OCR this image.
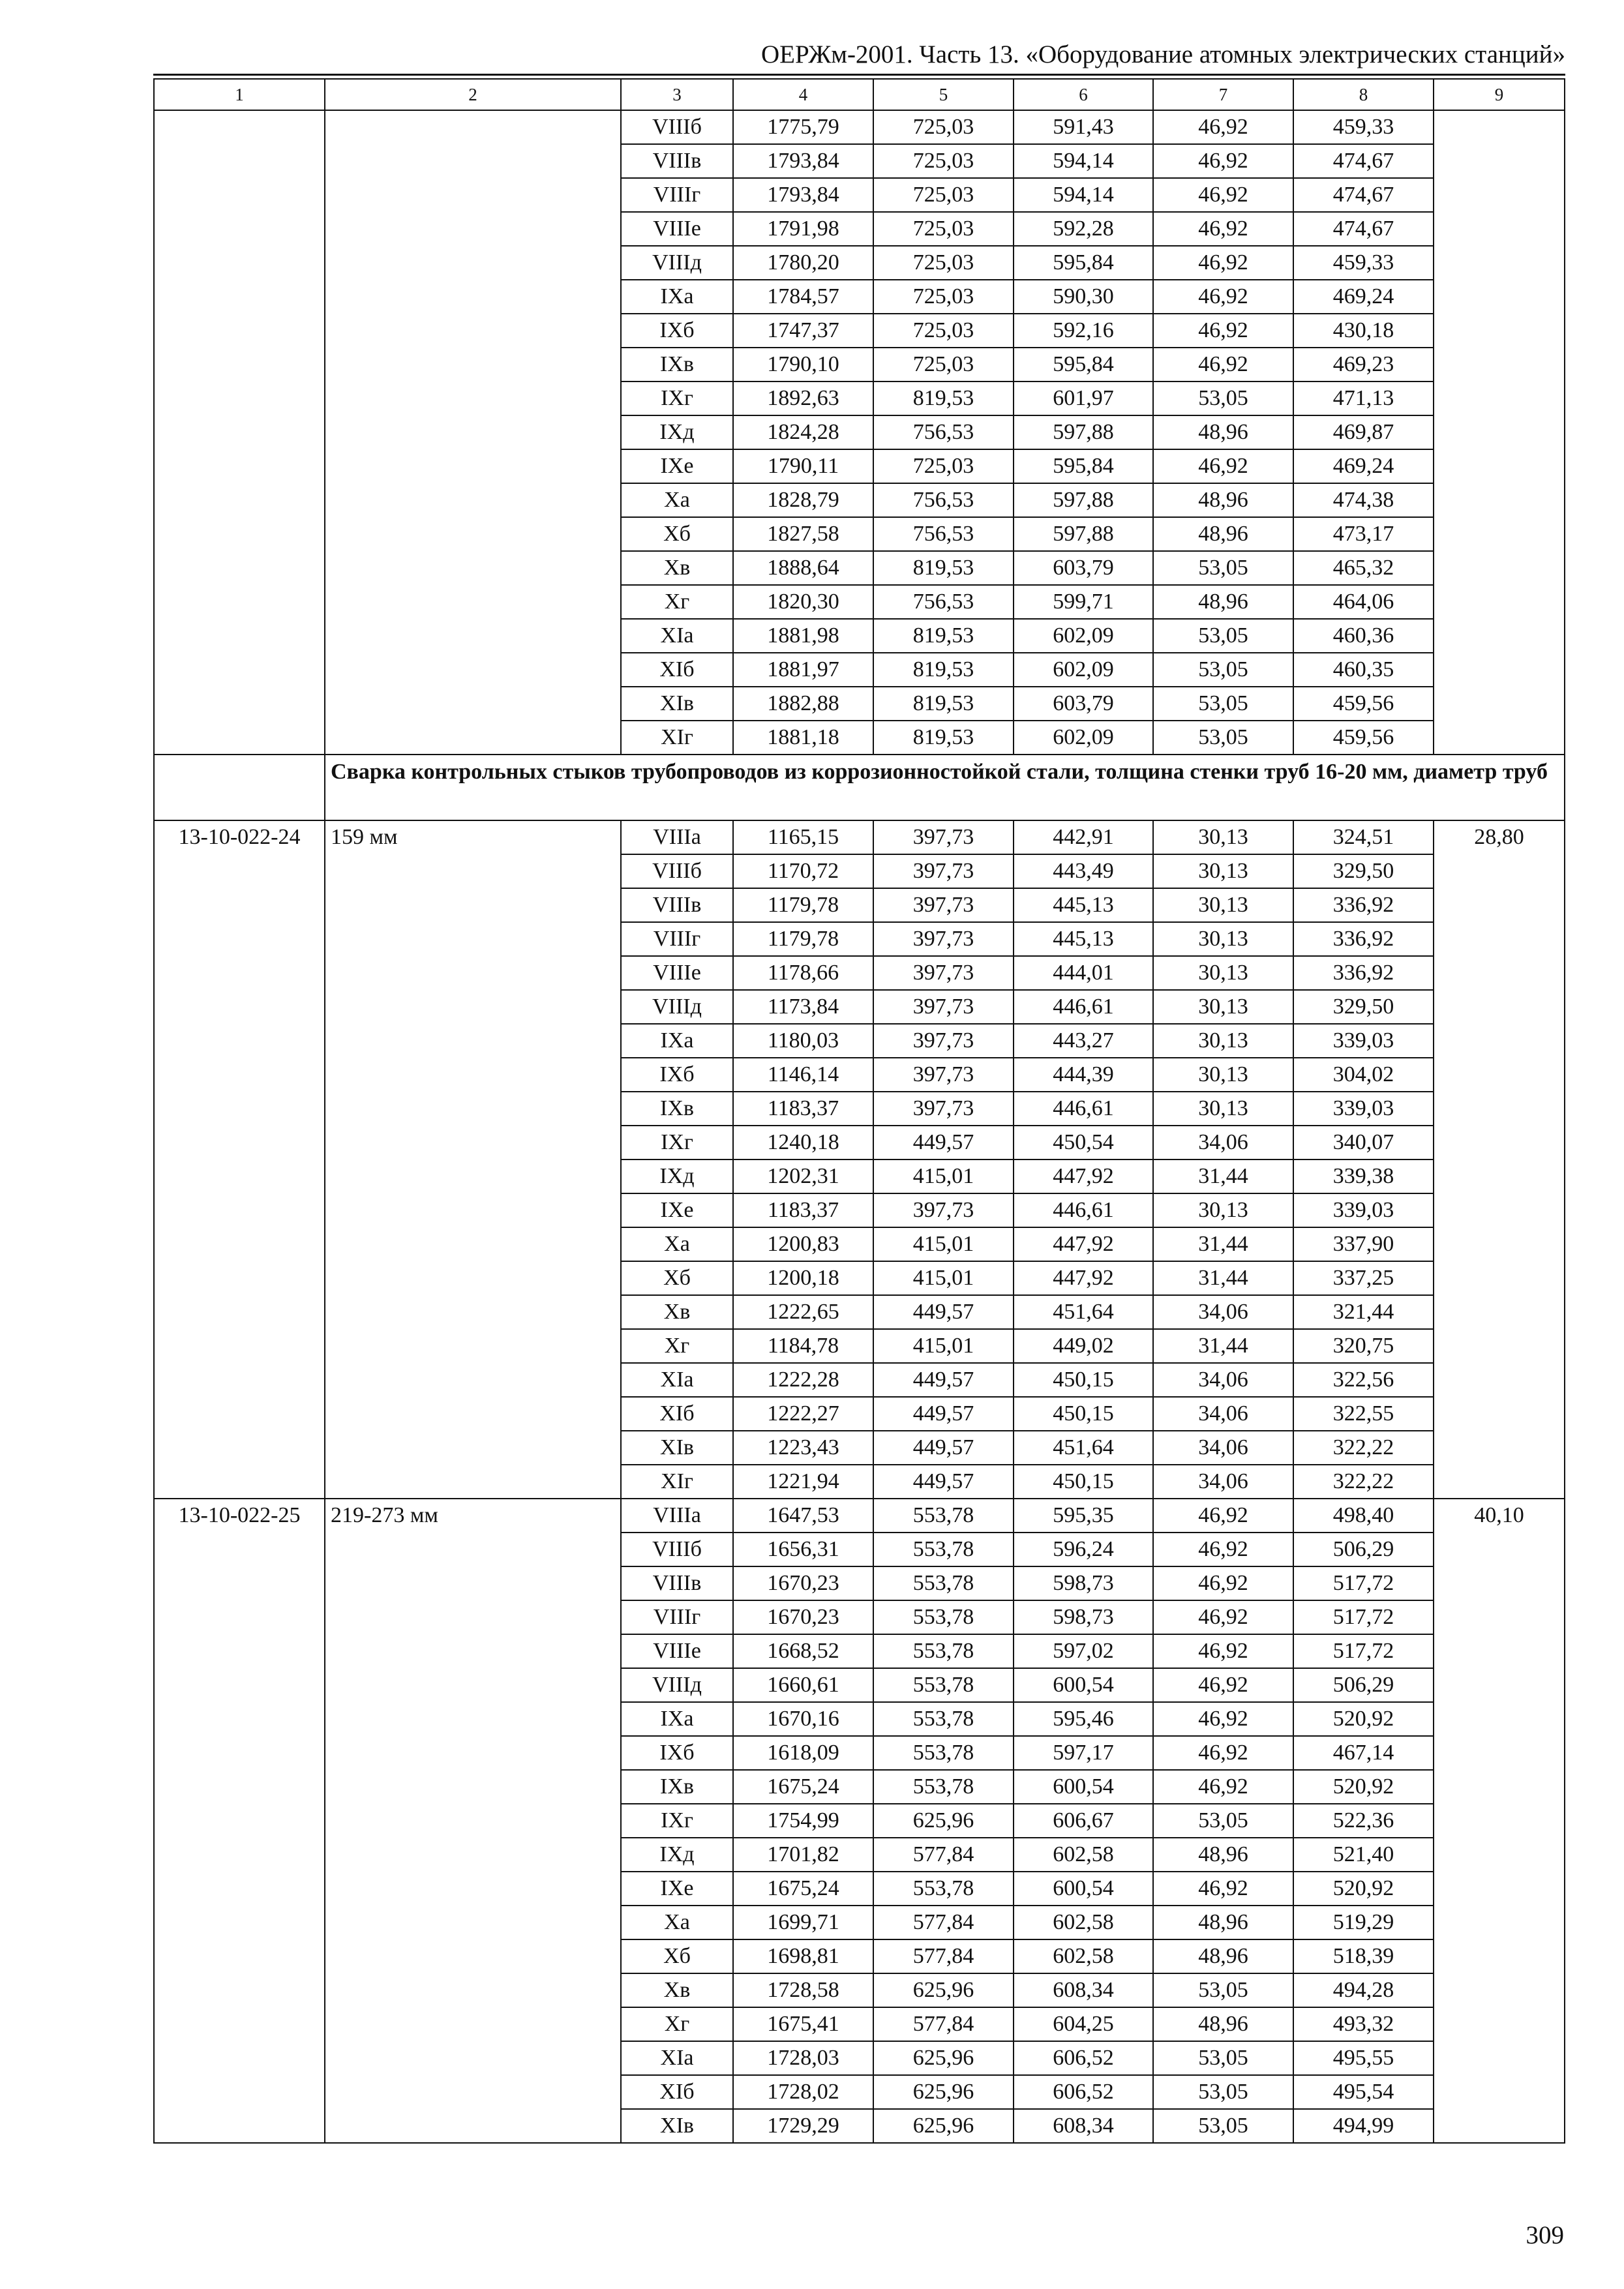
ОЕРЖм-2001. Часть 13. «Оборудование атомных электрических станций»
1	2	3	4	5	6	7	8	9
		VIIIб	1775,79	725,03	591,43	46,92	459,33	
		VIIIв	1793,84	725,03	594,14	46,92	474,67	
		VIIIг	1793,84	725,03	594,14	46,92	474,67	
		VIIIе	1791,98	725,03	592,28	46,92	474,67	
		VIIIд	1780,20	725,03	595,84	46,92	459,33	
		IXа	1784,57	725,03	590,30	46,92	469,24	
		IXб	1747,37	725,03	592,16	46,92	430,18	
		IXв	1790,10	725,03	595,84	46,92	469,23	
		IXг	1892,63	819,53	601,97	53,05	471,13	
		IXд	1824,28	756,53	597,88	48,96	469,87	
		IXе	1790,11	725,03	595,84	46,92	469,24	
		Xа	1828,79	756,53	597,88	48,96	474,38	
		Xб	1827,58	756,53	597,88	48,96	473,17	
		Xв	1888,64	819,53	603,79	53,05	465,32	
		Xг	1820,30	756,53	599,71	48,96	464,06	
		XIа	1881,98	819,53	602,09	53,05	460,36	
		XIб	1881,97	819,53	602,09	53,05	460,35	
		XIв	1882,88	819,53	603,79	53,05	459,56	
		XIг	1881,18	819,53	602,09	53,05	459,56	
	Сварка контрольных стыков трубопроводов из коррозионностойкой стали, толщина стенки труб 16-20 мм, диаметр труб							
13-10-022-24	159 мм	VIIIа	1165,15	397,73	442,91	30,13	324,51	28,80
		VIIIб	1170,72	397,73	443,49	30,13	329,50	
		VIIIв	1179,78	397,73	445,13	30,13	336,92	
		VIIIг	1179,78	397,73	445,13	30,13	336,92	
		VIIIе	1178,66	397,73	444,01	30,13	336,92	
		VIIIд	1173,84	397,73	446,61	30,13	329,50	
		IXа	1180,03	397,73	443,27	30,13	339,03	
		IXб	1146,14	397,73	444,39	30,13	304,02	
		IXв	1183,37	397,73	446,61	30,13	339,03	
		IXг	1240,18	449,57	450,54	34,06	340,07	
		IXд	1202,31	415,01	447,92	31,44	339,38	
		IXе	1183,37	397,73	446,61	30,13	339,03	
		Xа	1200,83	415,01	447,92	31,44	337,90	
		Xб	1200,18	415,01	447,92	31,44	337,25	
		Xв	1222,65	449,57	451,64	34,06	321,44	
		Xг	1184,78	415,01	449,02	31,44	320,75	
		XIа	1222,28	449,57	450,15	34,06	322,56	
		XIб	1222,27	449,57	450,15	34,06	322,55	
		XIв	1223,43	449,57	451,64	34,06	322,22	
		XIг	1221,94	449,57	450,15	34,06	322,22	
13-10-022-25	219-273 мм	VIIIа	1647,53	553,78	595,35	46,92	498,40	40,10
		VIIIб	1656,31	553,78	596,24	46,92	506,29	
		VIIIв	1670,23	553,78	598,73	46,92	517,72	
		VIIIг	1670,23	553,78	598,73	46,92	517,72	
		VIIIе	1668,52	553,78	597,02	46,92	517,72	
		VIIIд	1660,61	553,78	600,54	46,92	506,29	
		IXа	1670,16	553,78	595,46	46,92	520,92	
		IXб	1618,09	553,78	597,17	46,92	467,14	
		IXв	1675,24	553,78	600,54	46,92	520,92	
		IXг	1754,99	625,96	606,67	53,05	522,36	
		IXд	1701,82	577,84	602,58	48,96	521,40	
		IXе	1675,24	553,78	600,54	46,92	520,92	
		Xа	1699,71	577,84	602,58	48,96	519,29	
		Xб	1698,81	577,84	602,58	48,96	518,39	
		Xв	1728,58	625,96	608,34	53,05	494,28	
		Xг	1675,41	577,84	604,25	48,96	493,32	
		XIа	1728,03	625,96	606,52	53,05	495,55	
		XIб	1728,02	625,96	606,52	53,05	495,54	
		XIв	1729,29	625,96	608,34	53,05	494,99	
309
